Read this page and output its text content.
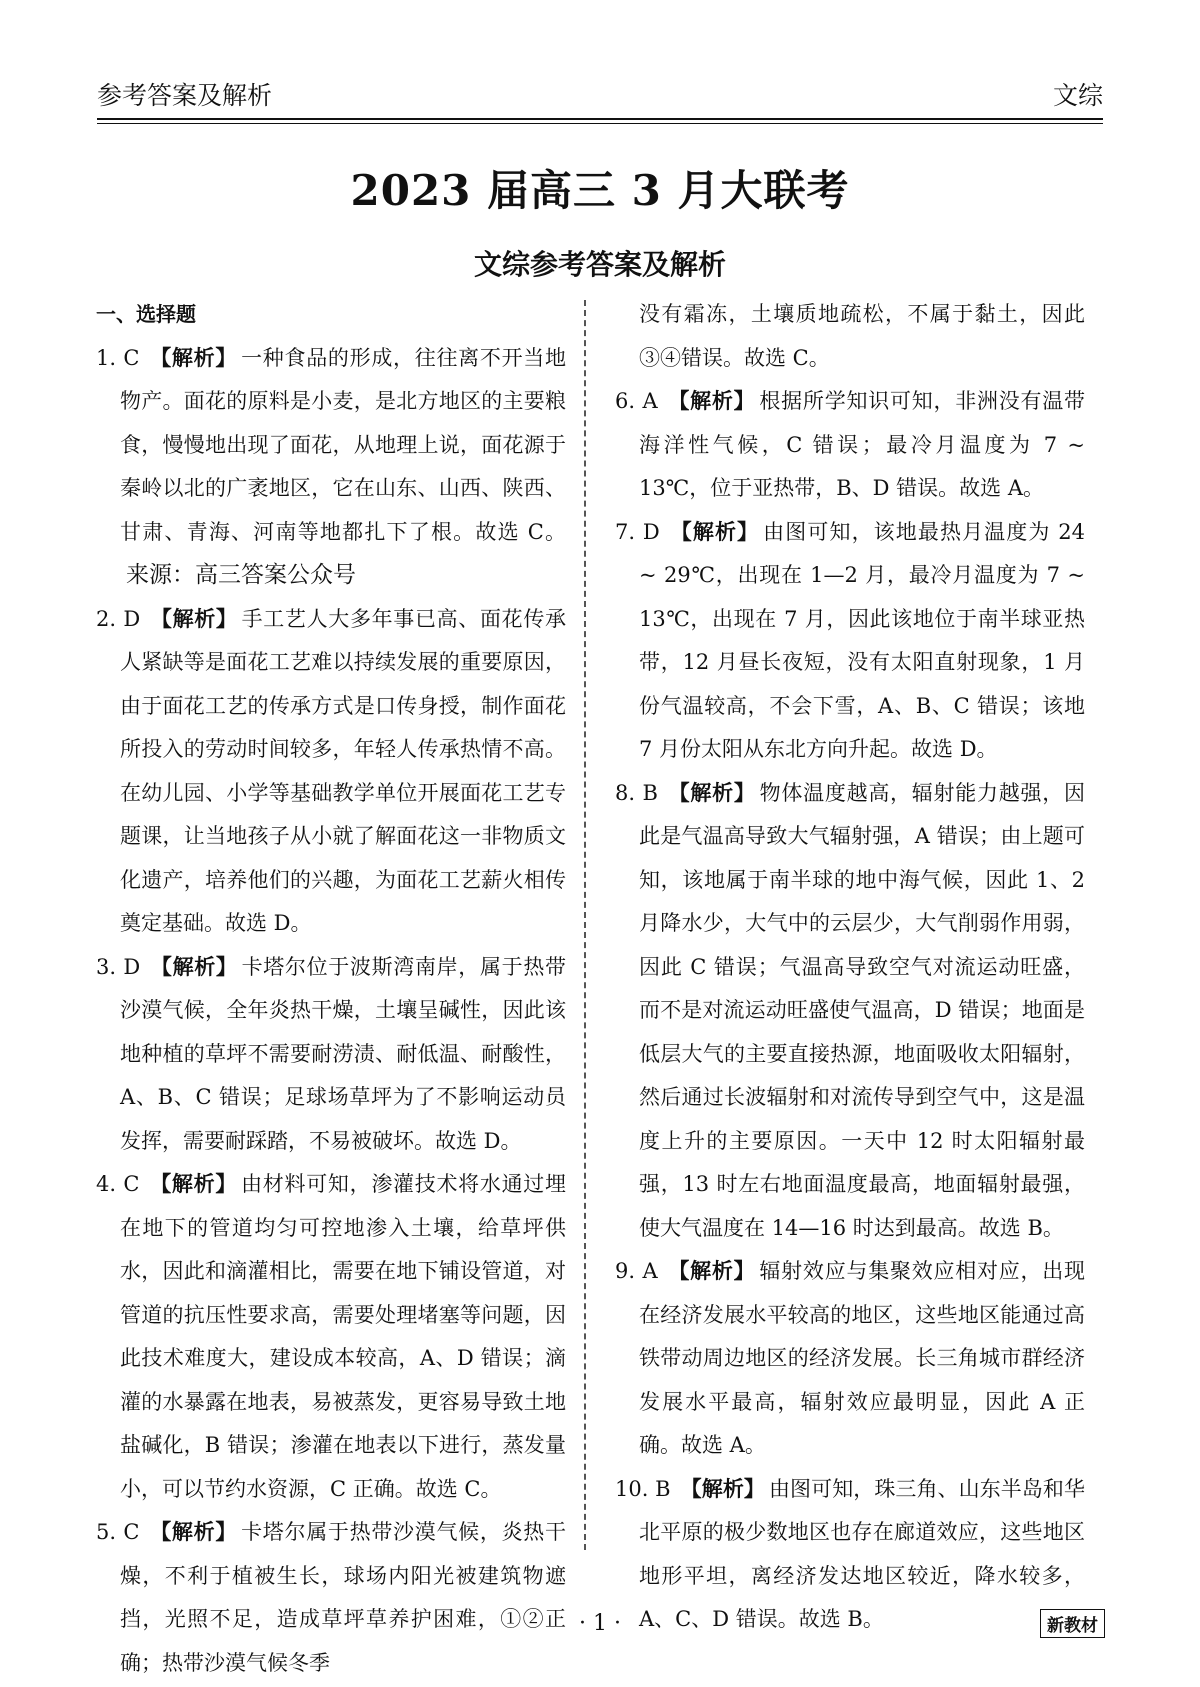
参考答案及解析	文综
2023 届高三 3 月大联考
文综参考答案及解析
一、选择题

1. C 【解析】 一种食品的形成，往往离不开当地物产。面花的原料是小麦，是北方地区的主要粮食，慢慢地出现了面花，从地理上说，面花源于秦岭以北的广袤地区，它在山东、山西、陕西、甘肃、青海、河南等地都扎下了根。故选 C。来源：高三答案公众号

2. D 【解析】 手工艺人大多年事已高、面花传承人紧缺等是面花工艺难以持续发展的重要原因，由于面花工艺的传承方式是口传身授，制作面花所投入的劳动时间较多，年轻人传承热情不高。在幼儿园、小学等基础教学单位开展面花工艺专题课，让当地孩子从小就了解面花这一非物质文化遗产，培养他们的兴趣，为面花工艺薪火相传奠定基础。故选 D。

3. D 【解析】 卡塔尔位于波斯湾南岸，属于热带沙漠气候，全年炎热干燥，土壤呈碱性，因此该地种植的草坪不需要耐涝渍、耐低温、耐酸性，A、B、C 错误；足球场草坪为了不影响运动员发挥，需要耐踩踏，不易被破坏。故选 D。

4. C 【解析】 由材料可知，渗灌技术将水通过埋在地下的管道均匀可控地渗入土壤，给草坪供水，因此和滴灌相比，需要在地下铺设管道，对管道的抗压性要求高，需要处理堵塞等问题，因此技术难度大，建设成本较高，A、D 错误；滴灌的水暴露在地表，易被蒸发，更容易导致土地盐碱化，B 错误；渗灌在地表以下进行，蒸发量小，可以节约水资源，C 正确。故选 C。

5. C 【解析】 卡塔尔属于热带沙漠气候，炎热干燥，不利于植被生长，球场内阳光被建筑物遮挡，光照不足，造成草坪草养护困难，①②正确；热带沙漠气候冬季

没有霜冻，土壤质地疏松，不属于黏土，因此③④错误。故选 C。

6. A 【解析】 根据所学知识可知，非洲没有温带海洋性气候，C 错误；最冷月温度为 7 ~ 13℃，位于亚热带，B、D 错误。故选 A。

7. D 【解析】 由图可知，该地最热月温度为 24 ~ 29℃，出现在 1—2 月，最冷月温度为 7 ~ 13℃，出现在 7 月，因此该地位于南半球亚热带，12 月昼长夜短，没有太阳直射现象，1 月份气温较高，不会下雪，A、B、C 错误；该地 7 月份太阳从东北方向升起。故选 D。

8. B 【解析】 物体温度越高，辐射能力越强，因此是气温高导致大气辐射强，A 错误；由上题可知，该地属于南半球的地中海气候，因此 1、2 月降水少，大气中的云层少，大气削弱作用弱，因此 C 错误；气温高导致空气对流运动旺盛，而不是对流运动旺盛使气温高，D 错误；地面是低层大气的主要直接热源，地面吸收太阳辐射，然后通过长波辐射和对流传导到空气中，这是温度上升的主要原因。一天中 12 时太阳辐射最强，13 时左右地面温度最高，地面辐射最强，使大气温度在 14—16 时达到最高。故选 B。

9. A 【解析】 辐射效应与集聚效应相对应，出现在经济发展水平较高的地区，这些地区能通过高铁带动周边地区的经济发展。长三角城市群经济发展水平最高，辐射效应最明显，因此 A 正确。故选 A。

10. B 【解析】 由图可知，珠三角、山东半岛和华北平原的极少数地区也存在廊道效应，这些地区地形平坦，离经济发达地区较近，降水较多，A、C、D 错误。故选 B。

· 1 ·	新教材
